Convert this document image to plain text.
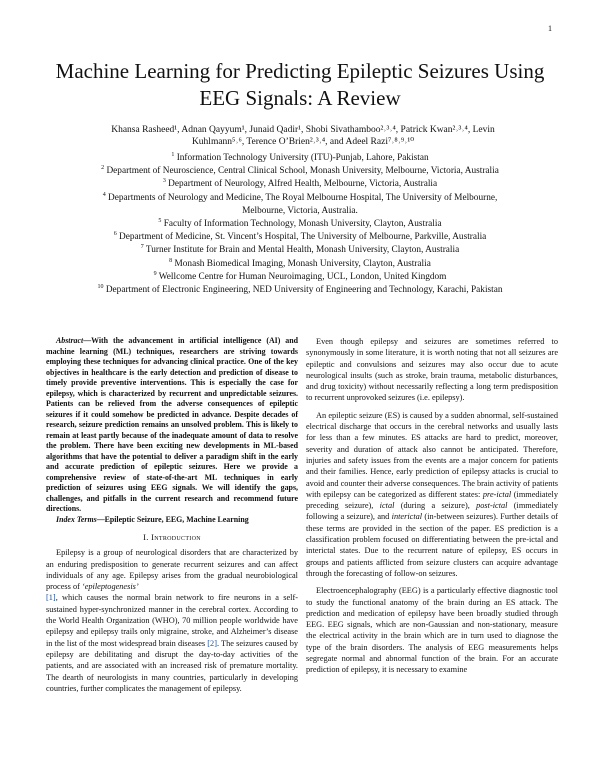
1
Machine Learning for Predicting Epileptic Seizures Using EEG Signals: A Review
Khansa Rasheed¹, Adnan Qayyum¹, Junaid Qadir¹, Shobi Sivathamboo²˒³˒⁴, Patrick Kwan²˒³˒⁴, Levin
Kuhlmann⁵˒⁶, Terence O’Brien²˒³˒⁴, and Adeel Razi⁷˒⁸˒⁹˒¹⁰
$^1$ Information Technology University (ITU)-Punjab, Lahore, Pakistan
$^2$ Department of Neuroscience, Central Clinical School, Monash University, Melbourne, Victoria, Australia
$^3$ Department of Neurology, Alfred Health, Melbourne, Victoria, Australia
$^4$ Departments of Neurology and Medicine, The Royal Melbourne Hospital, The University of Melbourne,
Melbourne, Victoria, Australia.
$^5$ Faculty of Information Technology, Monash University, Clayton, Australia
$^6$ Department of Medicine, St. Vincent’s Hospital, The University of Melbourne, Parkville, Australia
$^7$ Turner Institute for Brain and Mental Health, Monash University, Clayton, Australia
$^8$ Monash Biomedical Imaging, Monash University, Clayton, Australia
$^9$ Wellcome Centre for Human Neuroimaging, UCL, London, United Kingdom
$^{10}$ Department of Electronic Engineering, NED University of Engineering and Technology, Karachi, Pakistan

Abstract—With the advancement in artificial intelligence (AI) and machine learning (ML) techniques, researchers are striving towards employing these techniques for advancing clinical practice. One of the key objectives in healthcare is the early detection and prediction of disease to timely provide preventive interventions. This is especially the case for epilepsy, which is characterized by recurrent and unpredictable seizures. Patients can be relieved from the adverse consequences of epileptic seizures if it could somehow be predicted in advance. Despite decades of research, seizure prediction remains an unsolved problem. This is likely to remain at least partly because of the inadequate amount of data to resolve the problem. There have been exciting new developments in ML-based algorithms that have the potential to deliver a paradigm shift in the early and accurate prediction of epileptic seizures. Here we provide a comprehensive review of state-of-the-art ML techniques in early prediction of seizures using EEG signals. We will identify the gaps, challenges, and pitfalls in the current research and recommend future directions.

Index Terms—Epileptic Seizure, EEG, Machine Learning

I. Introduction

Epilepsy is a group of neurological disorders that are characterized by an enduring predisposition to generate recurrent seizures and can affect individuals of any age. Epilepsy arises from the gradual neurobiological process of ‘epileptogenesis’
[1], which causes the normal brain network to fire neurons in a self-sustained hyper-synchronized manner in the cerebral cortex. According to the World Health Organization (WHO), 70 million people worldwide have epilepsy and epilepsy trails only migraine, stroke, and Alzheimer’s disease in the list of the most widespread brain diseases [2]. The seizures caused by epilepsy are debilitating and disrupt the day-to-day activities of the patients, and are associated with an increased risk of premature mortality. The dearth of neurologists in many countries, particularly in developing countries, further complicates the management of epilepsy.

Even though epilepsy and seizures are sometimes referred to synonymously in some literature, it is worth noting that not all seizures are epileptic and convulsions and seizures may also occur due to acute neurological insults (such as stroke, brain trauma, metabolic disturbances, and drug toxicity) without necessarily reflecting a long term predisposition to recurrent unprovoked seizures (i.e. epilepsy).

An epileptic seizure (ES) is caused by a sudden abnormal, self-sustained electrical discharge that occurs in the cerebral networks and usually lasts for less than a few minutes. ES attacks are hard to predict, moreover, severity and duration of attack also cannot be anticipated. Therefore, injuries and safety issues from the events are a major concern for patients and their families. Hence, early prediction of epilepsy attacks is crucial to avoid and counter their adverse consequences. The brain activity of patients with epilepsy can be categorized as different states: pre-ictal (immediately preceding seizure), ictal (during a seizure), post-ictal (immediately following a seizure), and interictal (in-between seizures). Further details of these terms are provided in the section of the paper. ES prediction is a classification problem focused on differentiating between the pre-ictal and interictal states. Due to the recurrent nature of epilepsy, ES occurs in groups and patients afflicted from seizure clusters can acquire advantage through the forecasting of follow-on seizures.

Electroencephalography (EEG) is a particularly effective diagnostic tool to study the functional anatomy of the brain during an ES attack. The prediction and medication of epilepsy have been broadly studied through EEG. EEG signals, which are non-Gaussian and non-stationary, measure the electrical activity in the brain which are in turn used to diagnose the type of the brain disorders. The analysis of EEG measurements helps segregate normal and abnormal function of the brain. For an accurate prediction of epilepsy, it is necessary to examine
